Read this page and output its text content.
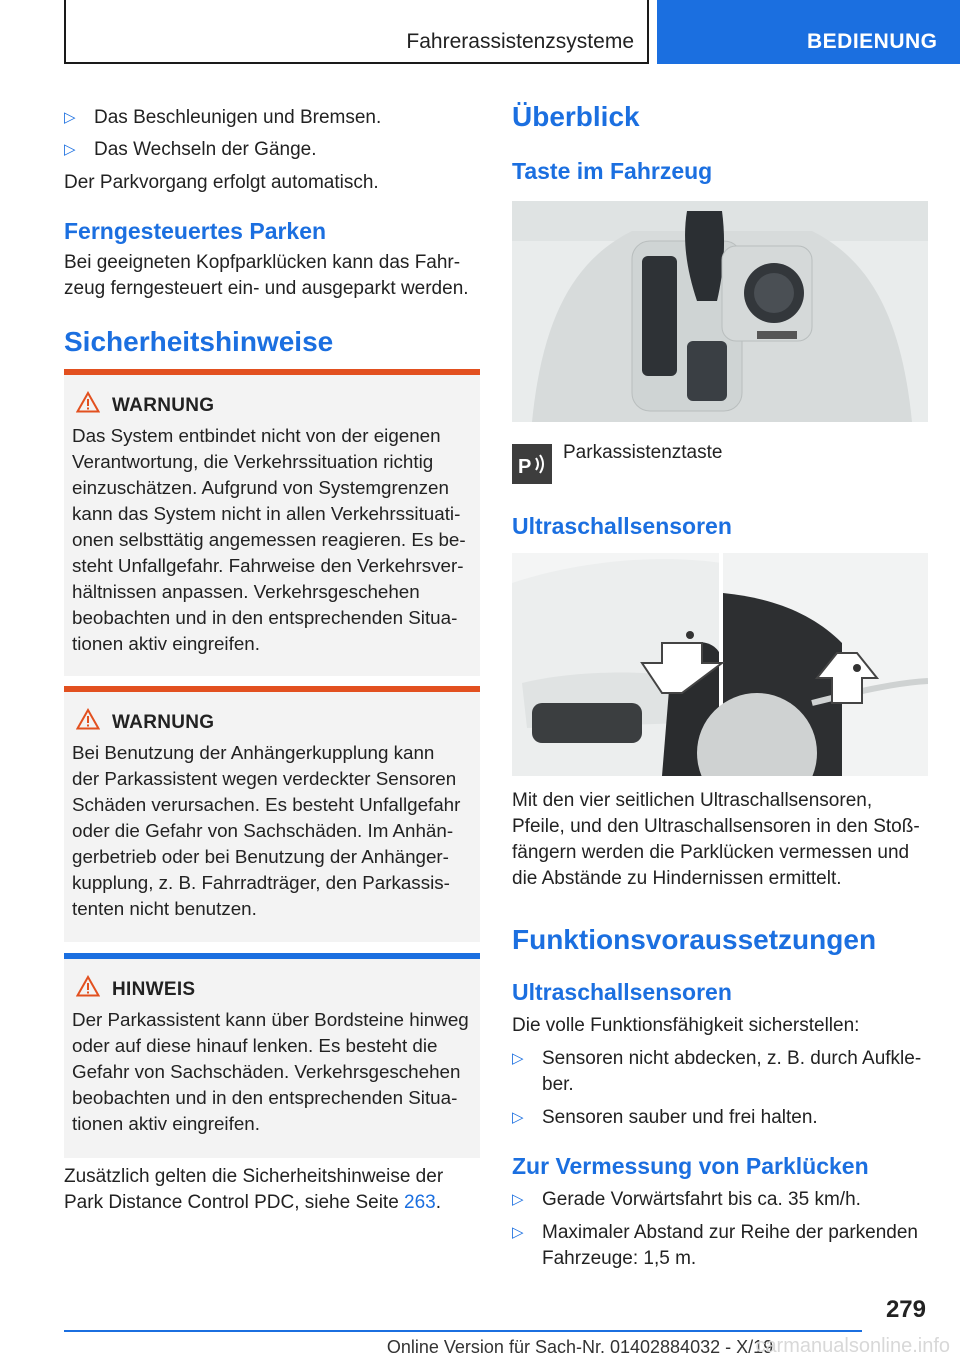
Fahrerassistenzsysteme	BEDIENUNG
▷ Das Beschleunigen und Bremsen.
▷ Das Wechseln der Gänge.

Der Parkvorgang erfolgt automatisch.

Ferngesteuertes Parken

Bei geeigneten Kopfparklücken kann das Fahr-

zeug ferngesteuert ein- und ausgeparkt werden.

Sicherheitshinweise
WARNUNG
Das System entbindet nicht von der eigenen
Verantwortung, die Verkehrssituation richtig
einzuschätzen. Aufgrund von Systemgrenzen
kann das System nicht in allen Verkehrssituati-
onen selbsttätig angemessen reagieren. Es be-
steht Unfallgefahr. Fahrweise den Verkehrsver-
hältnissen anpassen. Verkehrsgeschehen
beobachten und in den entsprechenden Situa-
tionen aktiv eingreifen.
WARNUNG
Bei Benutzung der Anhängerkupplung kann
der Parkassistent wegen verdeckter Sensoren
Schäden verursachen. Es besteht Unfallgefahr
oder die Gefahr von Sachschäden. Im Anhän-
gerbetrieb oder bei Benutzung der Anhänger-
kupplung, z. B. Fahrradträger, den Parkassis-
tenten nicht benutzen.
HINWEIS
Der Parkassistent kann über Bordsteine hinweg
oder auf diese hinauf lenken. Es besteht die
Gefahr von Sachschäden. Verkehrsgeschehen
beobachten und in den entsprechenden Situa-
tionen aktiv eingreifen.

Zusätzlich gelten die Sicherheitshinweise der

Park Distance Control PDC, siehe Seite 263.

Überblick
Taste im Fahrzeug
P

Parkassistenztaste

Ultraschallsensoren

Mit den vier seitlichen Ultraschallsensoren,

Pfeile, und den Ultraschallsensoren in den Stoß-

fängern werden die Parklücken vermessen und

die Abstände zu Hindernissen ermittelt.

Funktionsvoraussetzungen
Ultraschallsensoren

Die volle Funktionsfähigkeit sicherstellen:

▷ Sensoren nicht abdecken, z. B. durch Aufkle-
ber.
▷ Sensoren sauber und frei halten.
Zur Vermessung von Parklücken
▷ Gerade Vorwärtsfahrt bis ca. 35 km/h.
▷ Maximaler Abstand zur Reihe der parkenden
Fahrzeuge: 1,5 m.
279
Online Version für Sach-Nr. 01402884032 - X/19
carmanualsonline.info
